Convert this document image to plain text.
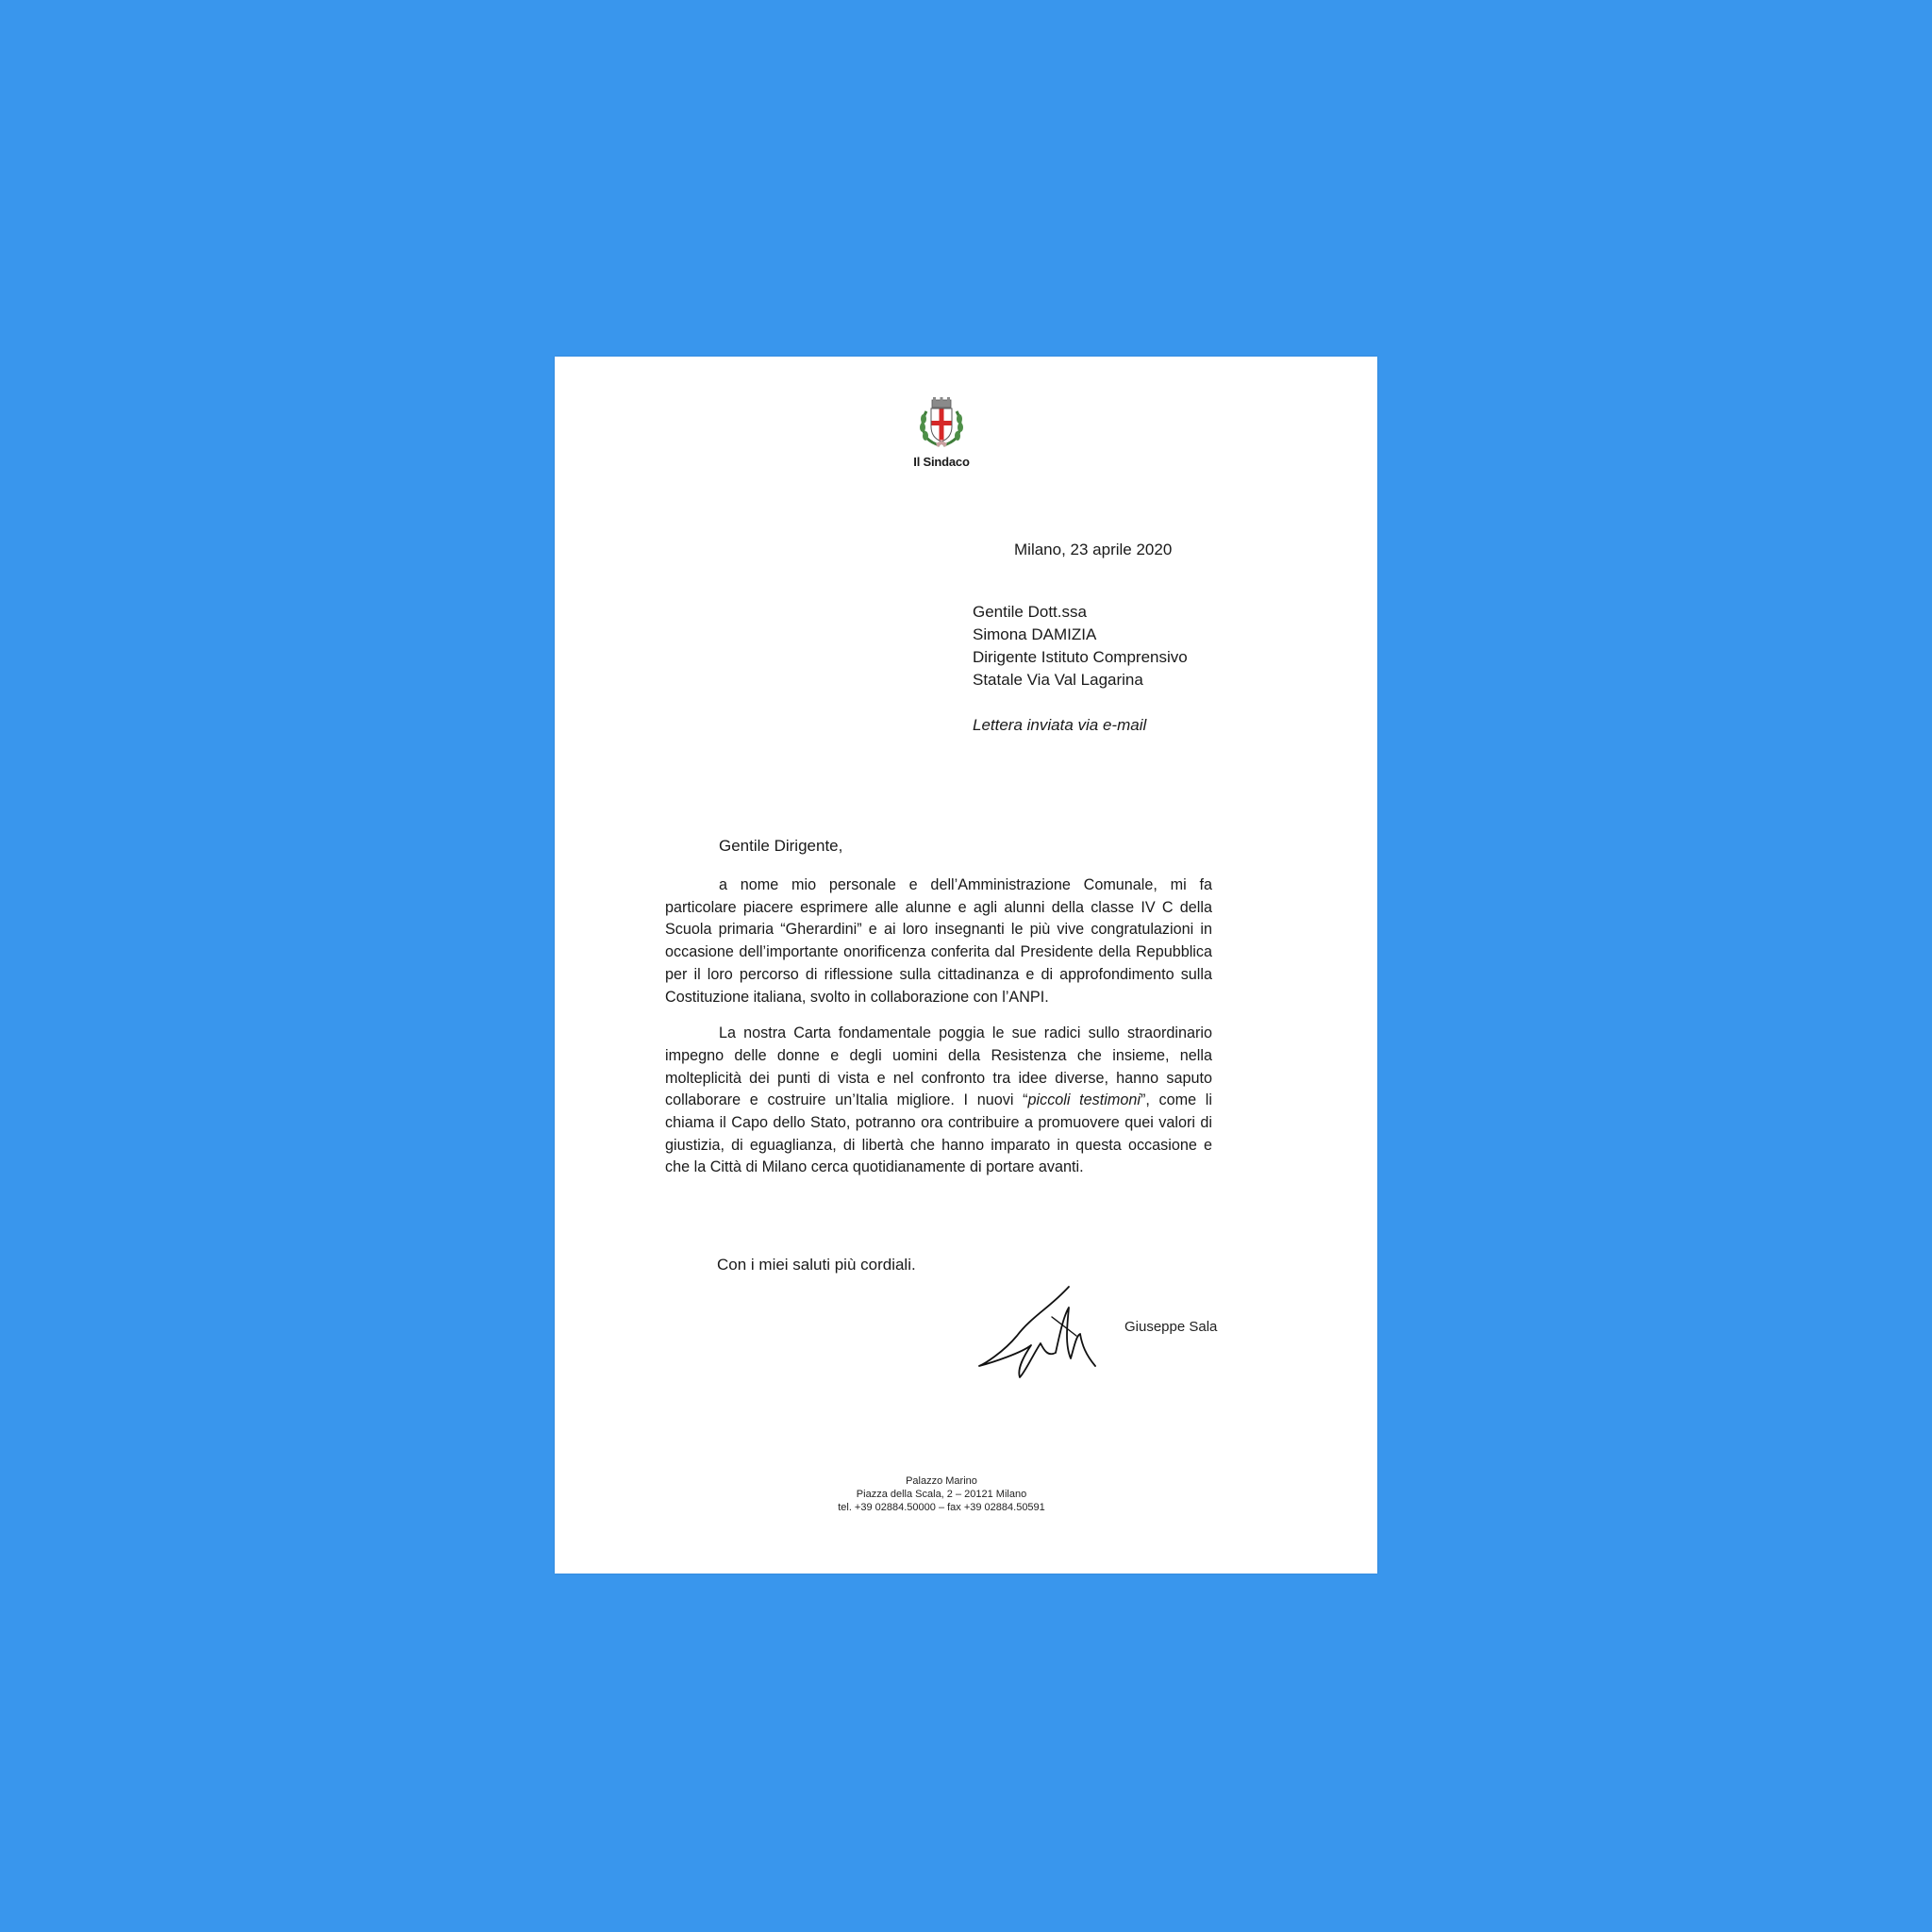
Il Sindaco
Milano, 23 aprile 2020
Gentile Dott.ssa
Simona DAMIZIA
Dirigente Istituto Comprensivo
Statale Via Val Lagarina
Lettera inviata via e-mail
Gentile Dirigente,

a nome mio personale e dell’Amministrazione Comunale, mi fa particolare piacere esprimere alle alunne e agli alunni della classe IV C della Scuola primaria “Gherardini” e ai loro insegnanti le più vive congratulazioni in occasione dell’importante onorificenza conferita dal Presidente della Repubblica per il loro percorso di riflessione sulla cittadinanza e di approfondimento sulla Costituzione italiana, svolto in collaborazione con l’ANPI.

La nostra Carta fondamentale poggia le sue radici sullo straordinario impegno delle donne e degli uomini della Resistenza che insieme, nella molteplicità dei punti di vista e nel confronto tra idee diverse, hanno saputo collaborare e costruire un’Italia migliore. I nuovi “piccoli testimoni”, come li chiama il Capo dello Stato, potranno ora contribuire a promuovere quei valori di giustizia, di eguaglianza, di libertà che hanno imparato in questa occasione e che la Città di Milano cerca quotidianamente di portare avanti.

Con i miei saluti più cordiali.
Giuseppe Sala
Palazzo Marino
Piazza della Scala, 2 – 20121 Milano
tel. +39 02884.50000 – fax +39 02884.50591
